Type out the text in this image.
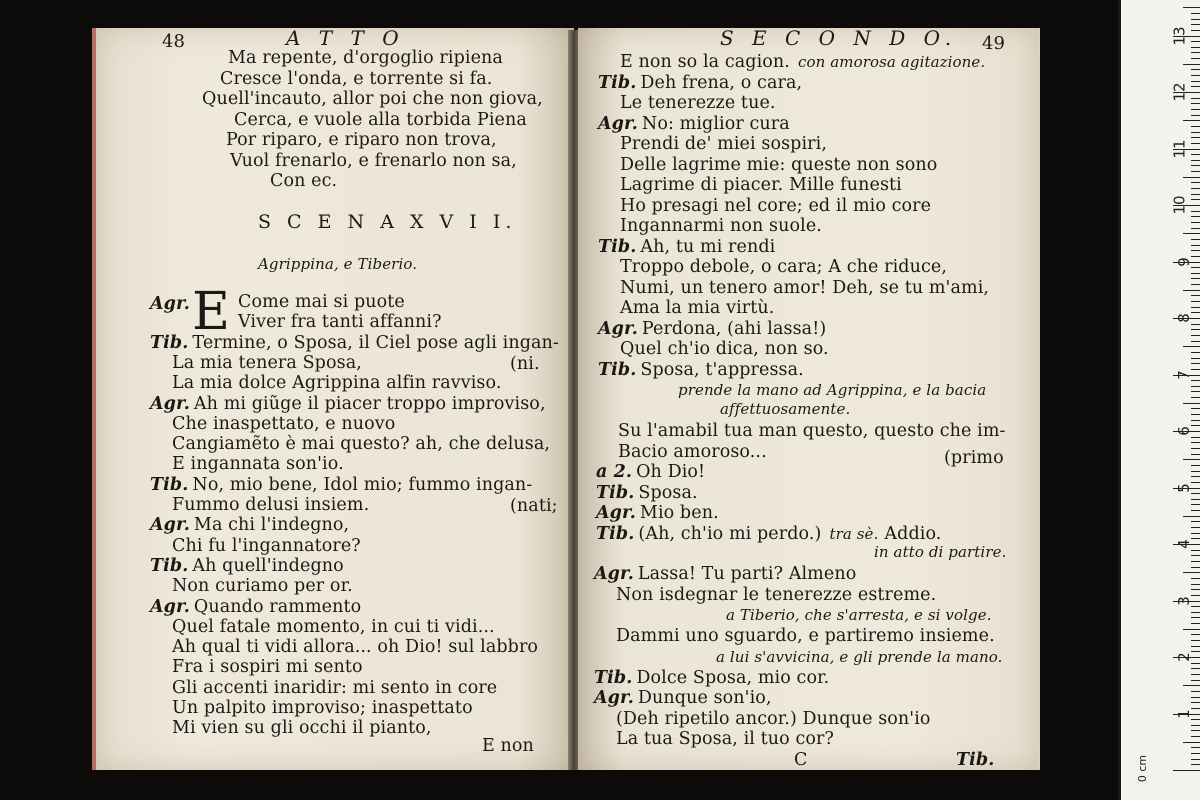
48	A T T O
Ma repente, d'orgoglio ripiena
Cresce l'onda, e torrente si fa.
Quell'incauto, allor poi che non giova,
Cerca, e vuole alla torbida Piena
Por riparo, e riparo non trova,
Vuol frenarlo, e frenarlo non sa,
Con ec.
S C E N A X V I I.
Agrippina, e Tiberio.
E Come mai si puote
Agr.
Viver fra tanti affanni?
Tib. Termine, o Sposa, il Ciel pose agli ingan-
La mia tenera Sposa,
La mia dolce Agrippina alfin ravviso.
Agr. Ah mi giũge il piacer troppo improviso,
Che inaspettato, e nuovo
Cangiamẽto è mai questo? ah, che delusa,
E ingannata son'io.
Tib. No, mio bene, Idol mio; fummo ingan-
Fummo delusi insiem.
Agr. Ma chi l'indegno,
Chi fu l'ingannatore?
Tib. Ah quell'indegno
Non curiamo per or.
Agr. Quando rammento
Quel fatale momento, in cui ti vidi...
Ah qual ti vidi allora... oh Dio! sul labbro
Fra i sospiri mi sento
Gli accenti inaridir: mi sento in core
Un palpito improviso; inaspettato
Mi vien su gli occhi il pianto,
(ni.
(nati;
E non
S E C O N D O. 49
E non so la cagion. con amorosa agitazione.
Tib. Deh frena, o cara,
Le tenerezze tue.
Agr. No: miglior cura
Prendi de' miei sospiri,
Delle lagrime mie: queste non sono
Lagrime di piacer. Mille funesti
Ho presagi nel core; ed il mio core
Ingannarmi non suole.
Tib. Ah, tu mi rendi
Troppo debole, o cara; A che riduce,
Numi, un tenero amor! Deh, se tu m'ami,
Ama la mia virtù.
Agr. Perdona, (ahi lassa!)
Quel ch'io dica, non so.
Tib. Sposa, t'appressa.
prende la mano ad Agrippina, e la bacia
affettuosamente.
Su l'amabil tua man questo, questo che im-
Bacio amoroso...
a 2. Oh Dio!
Tib. Sposa.
Agr. Mio ben.
Tib. (Ah, ch'io mi perdo.) tra sè. Addio.
(primo
in atto di partire.
Agr. Lassa! Tu parti? Almeno
Non isdegnar le tenerezze estreme.
a Tiberio, che s'arresta, e si volge.
Dammi uno sguardo, e partiremo insieme.
a lui s'avvicina, e gli prende la mano.
Tib. Dolce Sposa, mio cor.
Agr. Dunque son'io,
(Deh ripetilo ancor.) Dunque son'io
La tua Sposa, il tuo cor?
C	Tib.
1
2
3
4
5
6
7
8
9
10
11
12
13
0 cm
